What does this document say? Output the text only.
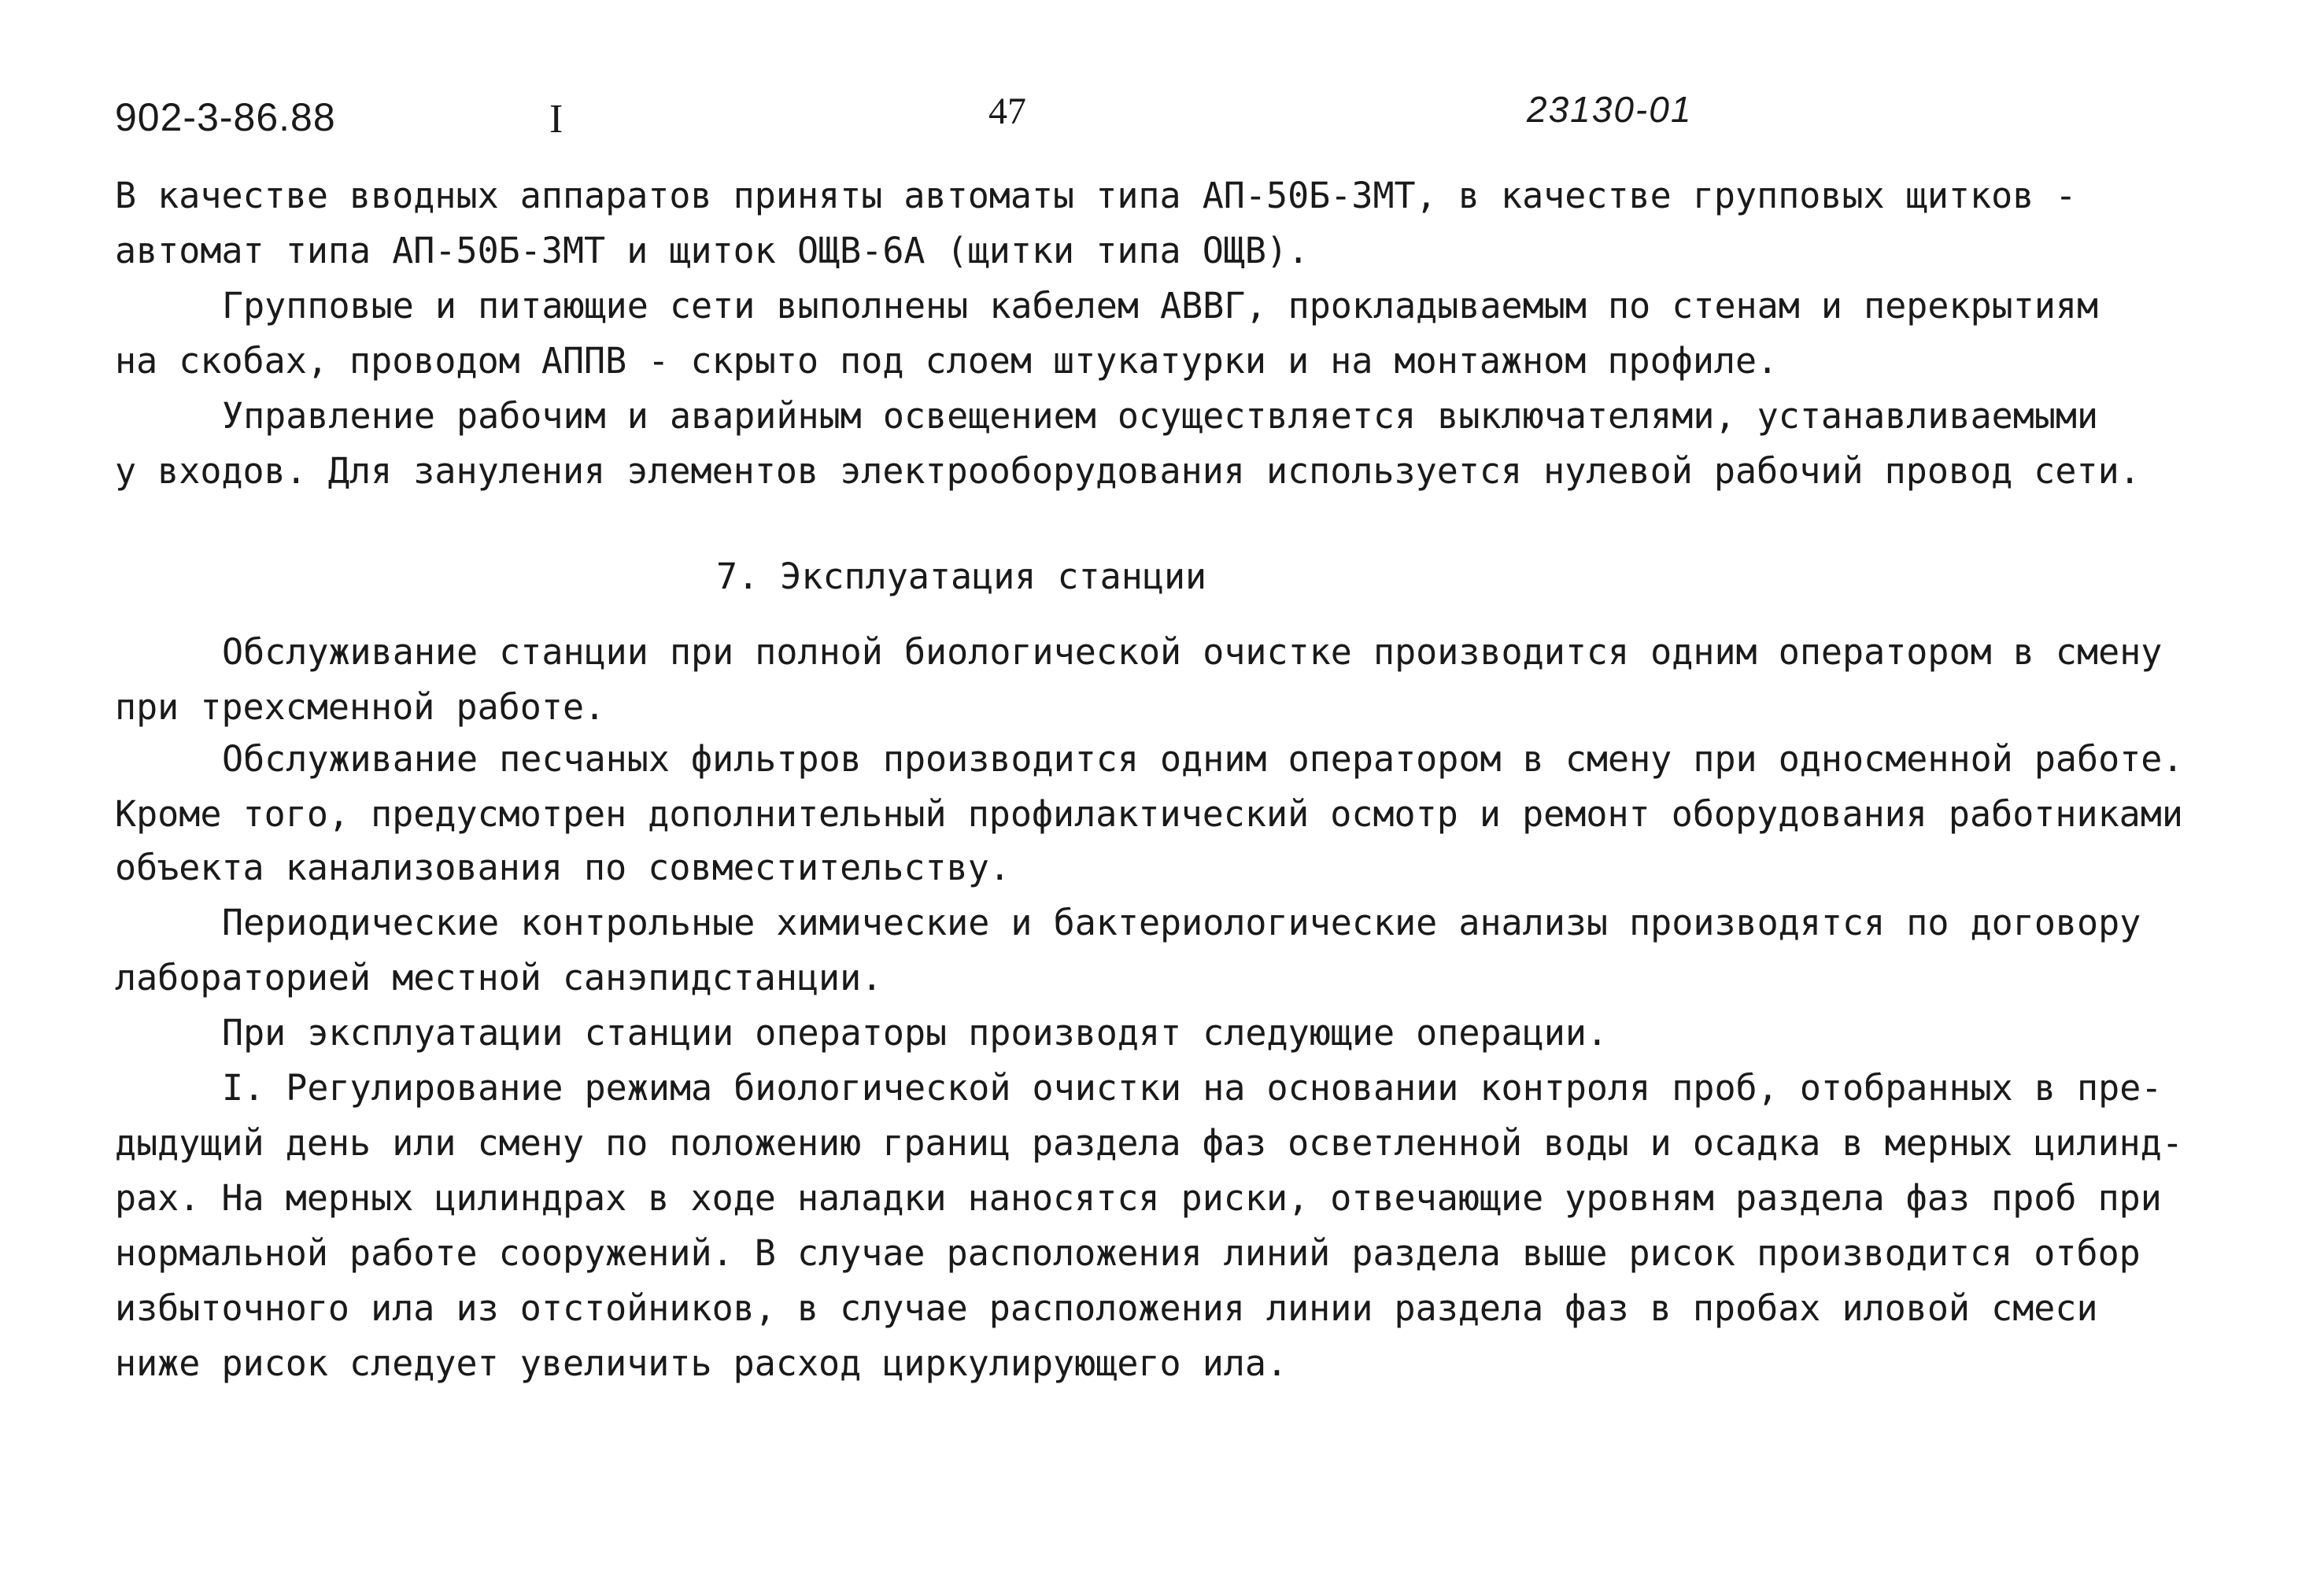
902-3-86.88	I	47	23130-01
В качестве вводных аппаратов приняты автоматы типа АП-50Б-3МТ, в качестве групповых щитков -
автомат типа АП-50Б-3МТ и щиток ОЩВ-6А (щитки типа ОЩВ).
Групповые и питающие сети выполнены кабелем АВВГ, прокладываемым по стенам и перекрытиям
на скобах, проводом АППВ - скрыто под слоем штукатурки и на монтажном профиле.
Управление рабочим и аварийным освещением осуществляется выключателями, устанавливаемыми
у входов. Для зануления элементов электрооборудования используется нулевой рабочий провод сети.
7. Эксплуатация станции
Обслуживание станции при полной биологической очистке производится одним оператором в смену
при трехсменной работе.
Обслуживание песчаных фильтров производится одним оператором в смену при односменной работе.
Кроме того, предусмотрен дополнительный профилактический осмотр и ремонт оборудования работниками
объекта канализования по совместительству.
Периодические контрольные химические и бактериологические анализы производятся по договору
лабораторией местной санэпидстанции.
При эксплуатации станции операторы производят следующие операции.
I. Регулирование режима биологической очистки на основании контроля проб, отобранных в пре-
дыдущий день или смену по положению границ раздела фаз осветленной воды и осадка в мерных цилинд-
рах. На мерных цилиндрах в ходе наладки наносятся риски, отвечающие уровням раздела фаз проб при
нормальной работе сооружений. В случае расположения линий раздела выше рисок производится отбор
избыточного ила из отстойников, в случае расположения линии раздела фаз в пробах иловой смеси
ниже рисок следует увеличить расход циркулирующего ила.
